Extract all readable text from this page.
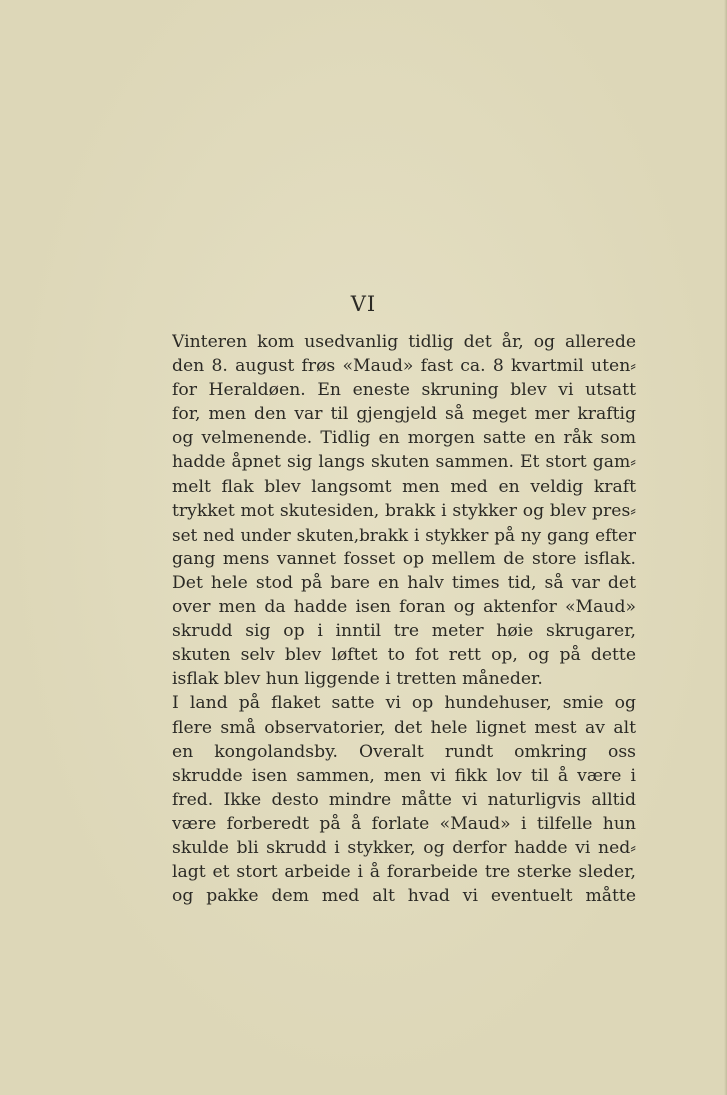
VI
Vinteren kom usedvanlig tidlig det år, og allerede
den 8. august frøs «Maud» fast ca. 8 kvartmil uten⸗
for Heraldøen. En eneste skruning blev vi utsatt
for, men den var til gjengjeld så meget mer kraftig
og velmenende. Tidlig en morgen satte en råk som
hadde åpnet sig langs skuten sammen. Et stort gam⸗
melt flak blev langsomt men med en veldig kraft
trykket mot skutesiden, brakk i stykker og blev pres⸗
set ned under skuten,brakk i stykker på ny gang efter
gang mens vannet fosset op mellem de store isflak.
Det hele stod på bare en halv times tid, så var det
over men da hadde isen foran og aktenfor «Maud»
skrudd sig op i inntil tre meter høie skrugarer,
skuten selv blev løftet to fot rett op, og på dette
isflak blev hun liggende i tretten måneder.
I land på flaket satte vi op hundehuser, smie og
flere små observatorier, det hele lignet mest av alt
en kongolandsby. Overalt rundt omkring oss
skrudde isen sammen, men vi fikk lov til å være i
fred. Ikke desto mindre måtte vi naturligvis alltid
være forberedt på å forlate «Maud» i tilfelle hun
skulde bli skrudd i stykker, og derfor hadde vi ned⸗
lagt et stort arbeide i å forarbeide tre sterke sleder,
og pakke dem med alt hvad vi eventuelt måtte
